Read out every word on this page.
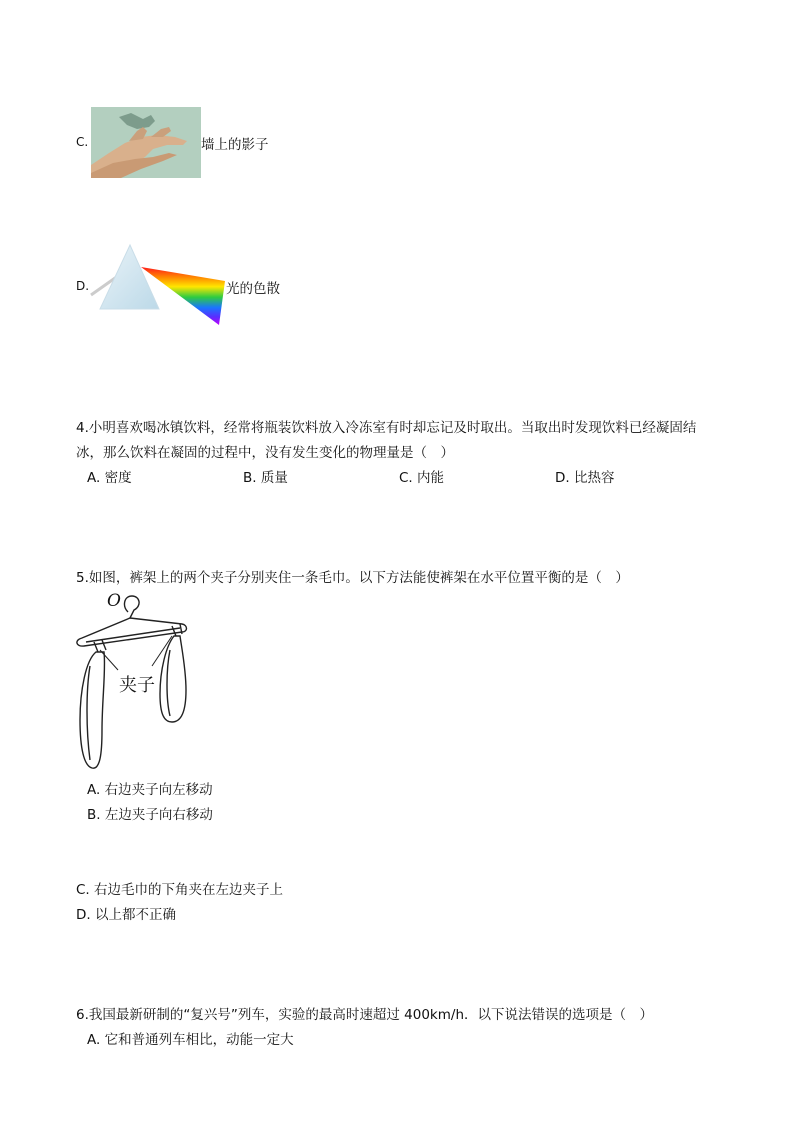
C.	墙上的影子
D.	光的色散
4.小明喜欢喝冰镇饮料，经常将瓶装饮料放入冷冻室有时却忘记及时取出。当取出时发现饮料已经凝固结
冰，那么饮料在凝固的过程中，没有发生变化的物理量是（　）
A. 密度	B. 质量	C. 内能	D. 比热容
5.如图，裤架上的两个夹子分别夹住一条毛巾。以下方法能使裤架在水平位置平衡的是（　）
O
夹子
A. 右边夹子向左移动
B. 左边夹子向右移动
C. 右边毛巾的下角夹在左边夹子上
D. 以上都不正确
6.我国最新研制的“复兴号”列车，实验的最高时速超过 400km/h．以下说法错误的选项是（　）
A. 它和普通列车相比，动能一定大
